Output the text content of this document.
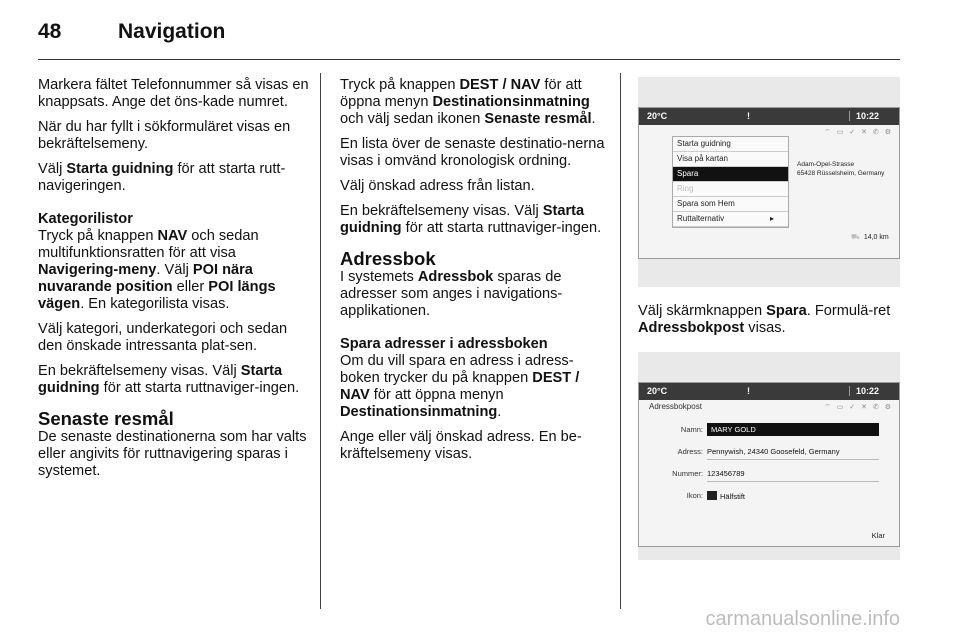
48	Navigation

Markera fältet Telefonnummer så visas en knappsats. Ange det öns-kade numret.

När du har fyllt i sökformuläret visas en bekräftelsemeny.

Välj Starta guidning för att starta rutt-navigeringen.

Kategorilistor

Tryck på knappen NAV och sedan multifunktionsratten för att visa Navigering-meny. Välj POI nära nuvarande position eller POI längs vägen. En kategorilista visas.

Välj kategori, underkategori och sedan den önskade intressanta plat-sen.

En bekräftelsemeny visas. Välj Starta guidning för att starta ruttnaviger-ingen.

Senaste resmål

De senaste destinationerna som har valts eller angivits för ruttnavigering sparas i systemet.

Tryck på knappen DEST / NAV för att öppna menyn Destinationsinmatning och välj sedan ikonen Senaste resmål.

En lista över de senaste destinatio-nerna visas i omvänd kronologisk ordning.

Välj önskad adress från listan.

En bekräftelsemeny visas. Välj Starta guidning för att starta ruttnaviger-ingen.

Adressbok

I systemets Adressbok sparas de adresser som anges i navigations-applikationen.

Spara adresser i adressboken

Om du vill spara en adress i adress-boken trycker du på knappen DEST / NAV för att öppna menyn Destinationsinmatning.

Ange eller välj önskad adress. En be-kräftelsemeny visas.

20°C	!	10:22
⌔ ▭ ✓ ✕ ✆ ⚙
Starta guidning
Visa på kartan
Spara
Ring
Spara som Hem
Ruttalternativ	▸
Adam-Opel-Strasse
65428 Rüsselsheim, Germany
⛟ 14,0 km

Välj skärmknappen Spara. Formulä-ret Adressbokpost visas.

20°C	!	10:22
Adressbokpost	⌔ ▭ ✓ ✕ ✆ ⚙
Namn:	MARY GOLD
Adress: Pennywish, 24340 Goosefeld, Germany
Nummer: 123456789
Ikon:	Hälfstift
Klar
carmanualsonline.info
